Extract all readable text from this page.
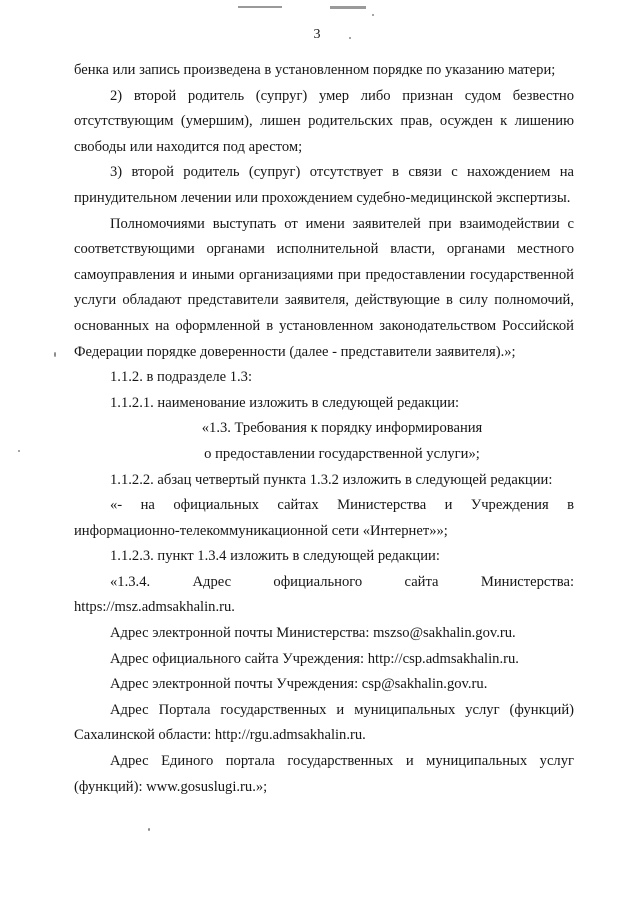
3

бенка или запись произведена в установленном порядке по указанию матери;

2) второй родитель (супруг) умер либо признан судом безвестно отсутствующим (умершим), лишен родительских прав, осужден к лишению свободы или находится под арестом;

3) второй родитель (супруг) отсутствует в связи с нахождением на принудительном лечении или прохождением судебно-медицинской экспертизы.

Полномочиями выступать от имени заявителей при взаимодействии с соответствующими органами исполнительной власти, органами местного самоуправления и иными организациями при предоставлении государственной услуги обладают представители заявителя, действующие в силу полномочий, основанных на оформленной в установленном законодательством Российской Федерации порядке доверенности (далее - представители заявителя).»;

1.1.2. в подразделе 1.3:

1.1.2.1. наименование изложить в следующей редакции:

«1.3. Требования к порядку информирования

о предоставлении государственной услуги»;

1.1.2.2. абзац четвертый пункта 1.3.2 изложить в следующей редакции:

«- на официальных сайтах Министерства и Учреждения в информационно-телекоммуникационной сети «Интернет»»;

1.1.2.3. пункт 1.3.4 изложить в следующей редакции:

«1.3.4. Адрес официального сайта Министерства:

https://msz.admsakhalin.ru.

Адрес электронной почты Министерства: mszso@sakhalin.gov.ru.

Адрес официального сайта Учреждения: http://csp.admsakhalin.ru.

Адрес электронной почты Учреждения: csp@sakhalin.gov.ru.

Адрес Портала государственных и муниципальных услуг (функций) Сахалинской области: http://rgu.admsakhalin.ru.

Адрес Единого портала государственных и муниципальных услуг (функций): www.gosuslugi.ru.»;
